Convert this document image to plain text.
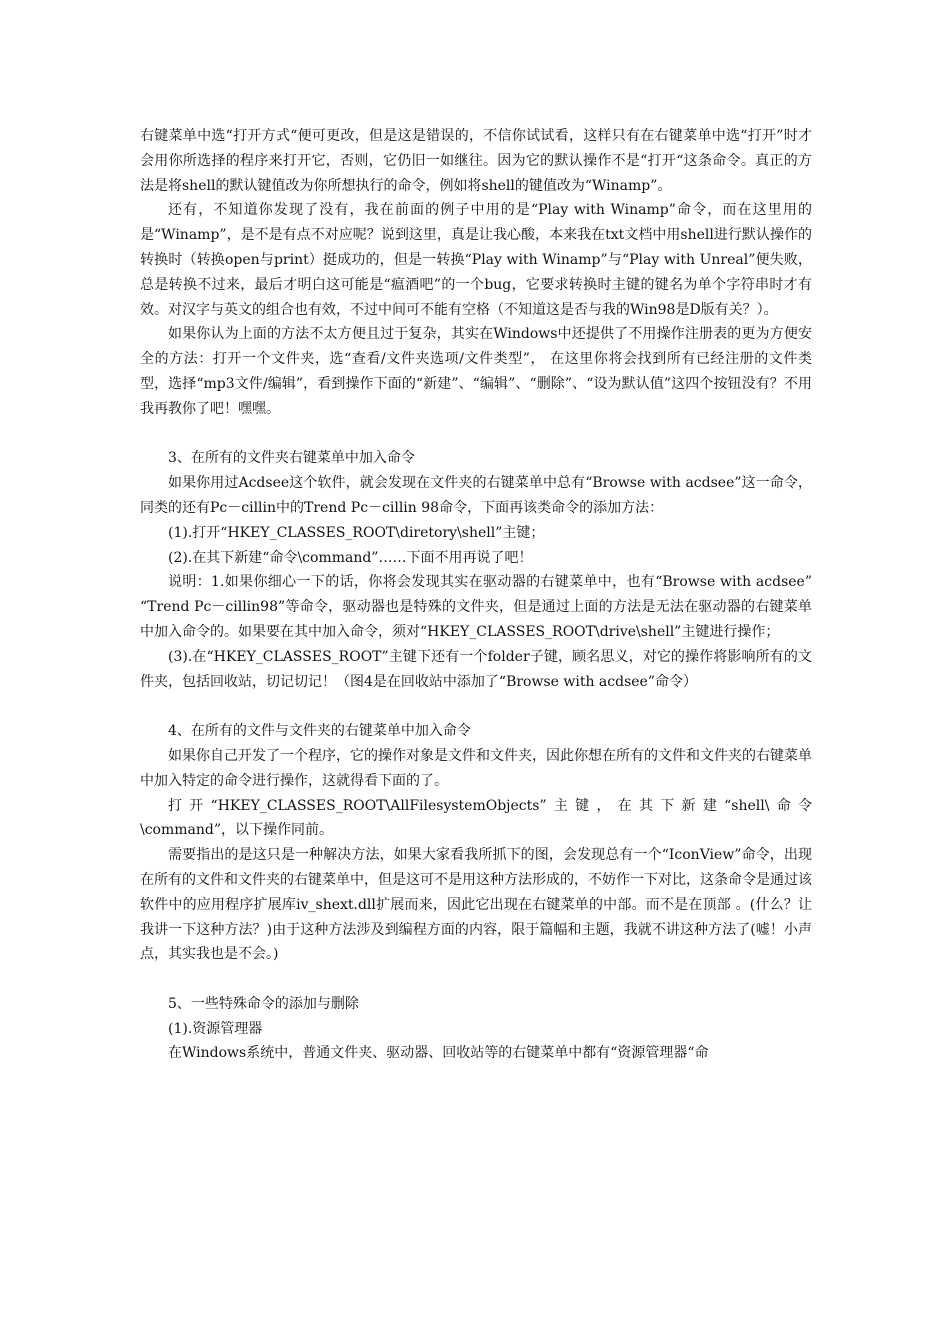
右键菜单中选“打开方式“便可更改，但是这是错误的，不信你试试看，这样只有在右键菜单中选“打开”时才会用你所选择的程序来打开它，否则，它仍旧一如继往。因为它的默认操作不是“打开“这条命令。真正的方法是将shell的默认键值改为你所想执行的命令，例如将shell的键值改为“Winamp”。

还有，不知道你发现了没有，我在前面的例子中用的是“Play with Winamp”命令，而在这里用的是“Winamp”，是不是有点不对应呢？说到这里，真是让我心酸，本来我在txt文档中用shell进行默认操作的转换时（转换open与print）挺成功的，但是一转换“Play with Winamp”与“Play with Unreal”便失败，总是转换不过来，最后才明白这可能是“瘟酒吧”的一个bug，它要求转换时主键的键名为单个字符串时才有效。对汉字与英文的组合也有效，不过中间可不能有空格（不知道这是否与我的Win98是D版有关？）。

如果你认为上面的方法不太方便且过于复杂，其实在Windows中还提供了不用操作注册表的更为方便安全的方法：打开一个文件夹，选“查看/文件夹选项/文件类型”， 在这里你将会找到所有已经注册的文件类型，选择“mp3文件/编辑”，看到操作下面的“新建”、“编辑”、“删除”、“设为默认值”这四个按钮没有？不用我再教你了吧！嘿嘿。

3、在所有的文件夹右键菜单中加入命令

如果你用过Acdsee这个软件，就会发现在文件夹的右键菜单中总有“Browse with acdsee”这一命令，同类的还有Pc－cillin中的Trend Pc－cillin 98命令，下面再该类命令的添加方法：

(1).打开“HKEY_CLASSES_ROOT\diretory\shell”主键；

(2).在其下新建“命令\command”……下面不用再说了吧！

说明：1.如果你细心一下的话，你将会发现其实在驱动器的右键菜单中，也有“Browse with acdsee” “Trend Pc－cillin98”等命令，驱动器也是特殊的文件夹，但是通过上面的方法是无法在驱动器的右键菜单中加入命令的。如果要在其中加入命令，须对“HKEY_CLASSES_ROOT\drive\shell”主键进行操作；

(3).在“HKEY_CLASSES_ROOT”主键下还有一个folder子键，顾名思义，对它的操作将影响所有的文件夹，包括回收站，切记切记！（图4是在回收站中添加了“Browse with acdsee”命令）

4、在所有的文件与文件夹的右键菜单中加入命令

如果你自己开发了一个程序，它的操作对象是文件和文件夹，因此你想在所有的文件和文件夹的右键菜单中加入特定的命令进行操作，这就得看下面的了。

打开“HKEY_CLASSES_ROOT\AllFilesystemObjects”主键，在其下新建“shell\命令\command”，以下操作同前。

需要指出的是这只是一种解决方法，如果大家看我所抓下的图，会发现总有一个“IconView”命令，出现在所有的文件和文件夹的右键菜单中，但是这可不是用这种方法形成的，不妨作一下对比，这条命令是通过该软件中的应用程序扩展库iv_shext.dll扩展而来，因此它出现在右键菜单的中部。而不是在顶部 。(什么？让我讲一下这种方法？)由于这种方法涉及到编程方面的内容，限于篇幅和主题，我就不讲这种方法了(嘘！小声点，其实我也是不会。)

5、一些特殊命令的添加与删除

(1).资源管理器

在Windows系统中，普通文件夹、驱动器、回收站等的右键菜单中都有“资源管理器“命
